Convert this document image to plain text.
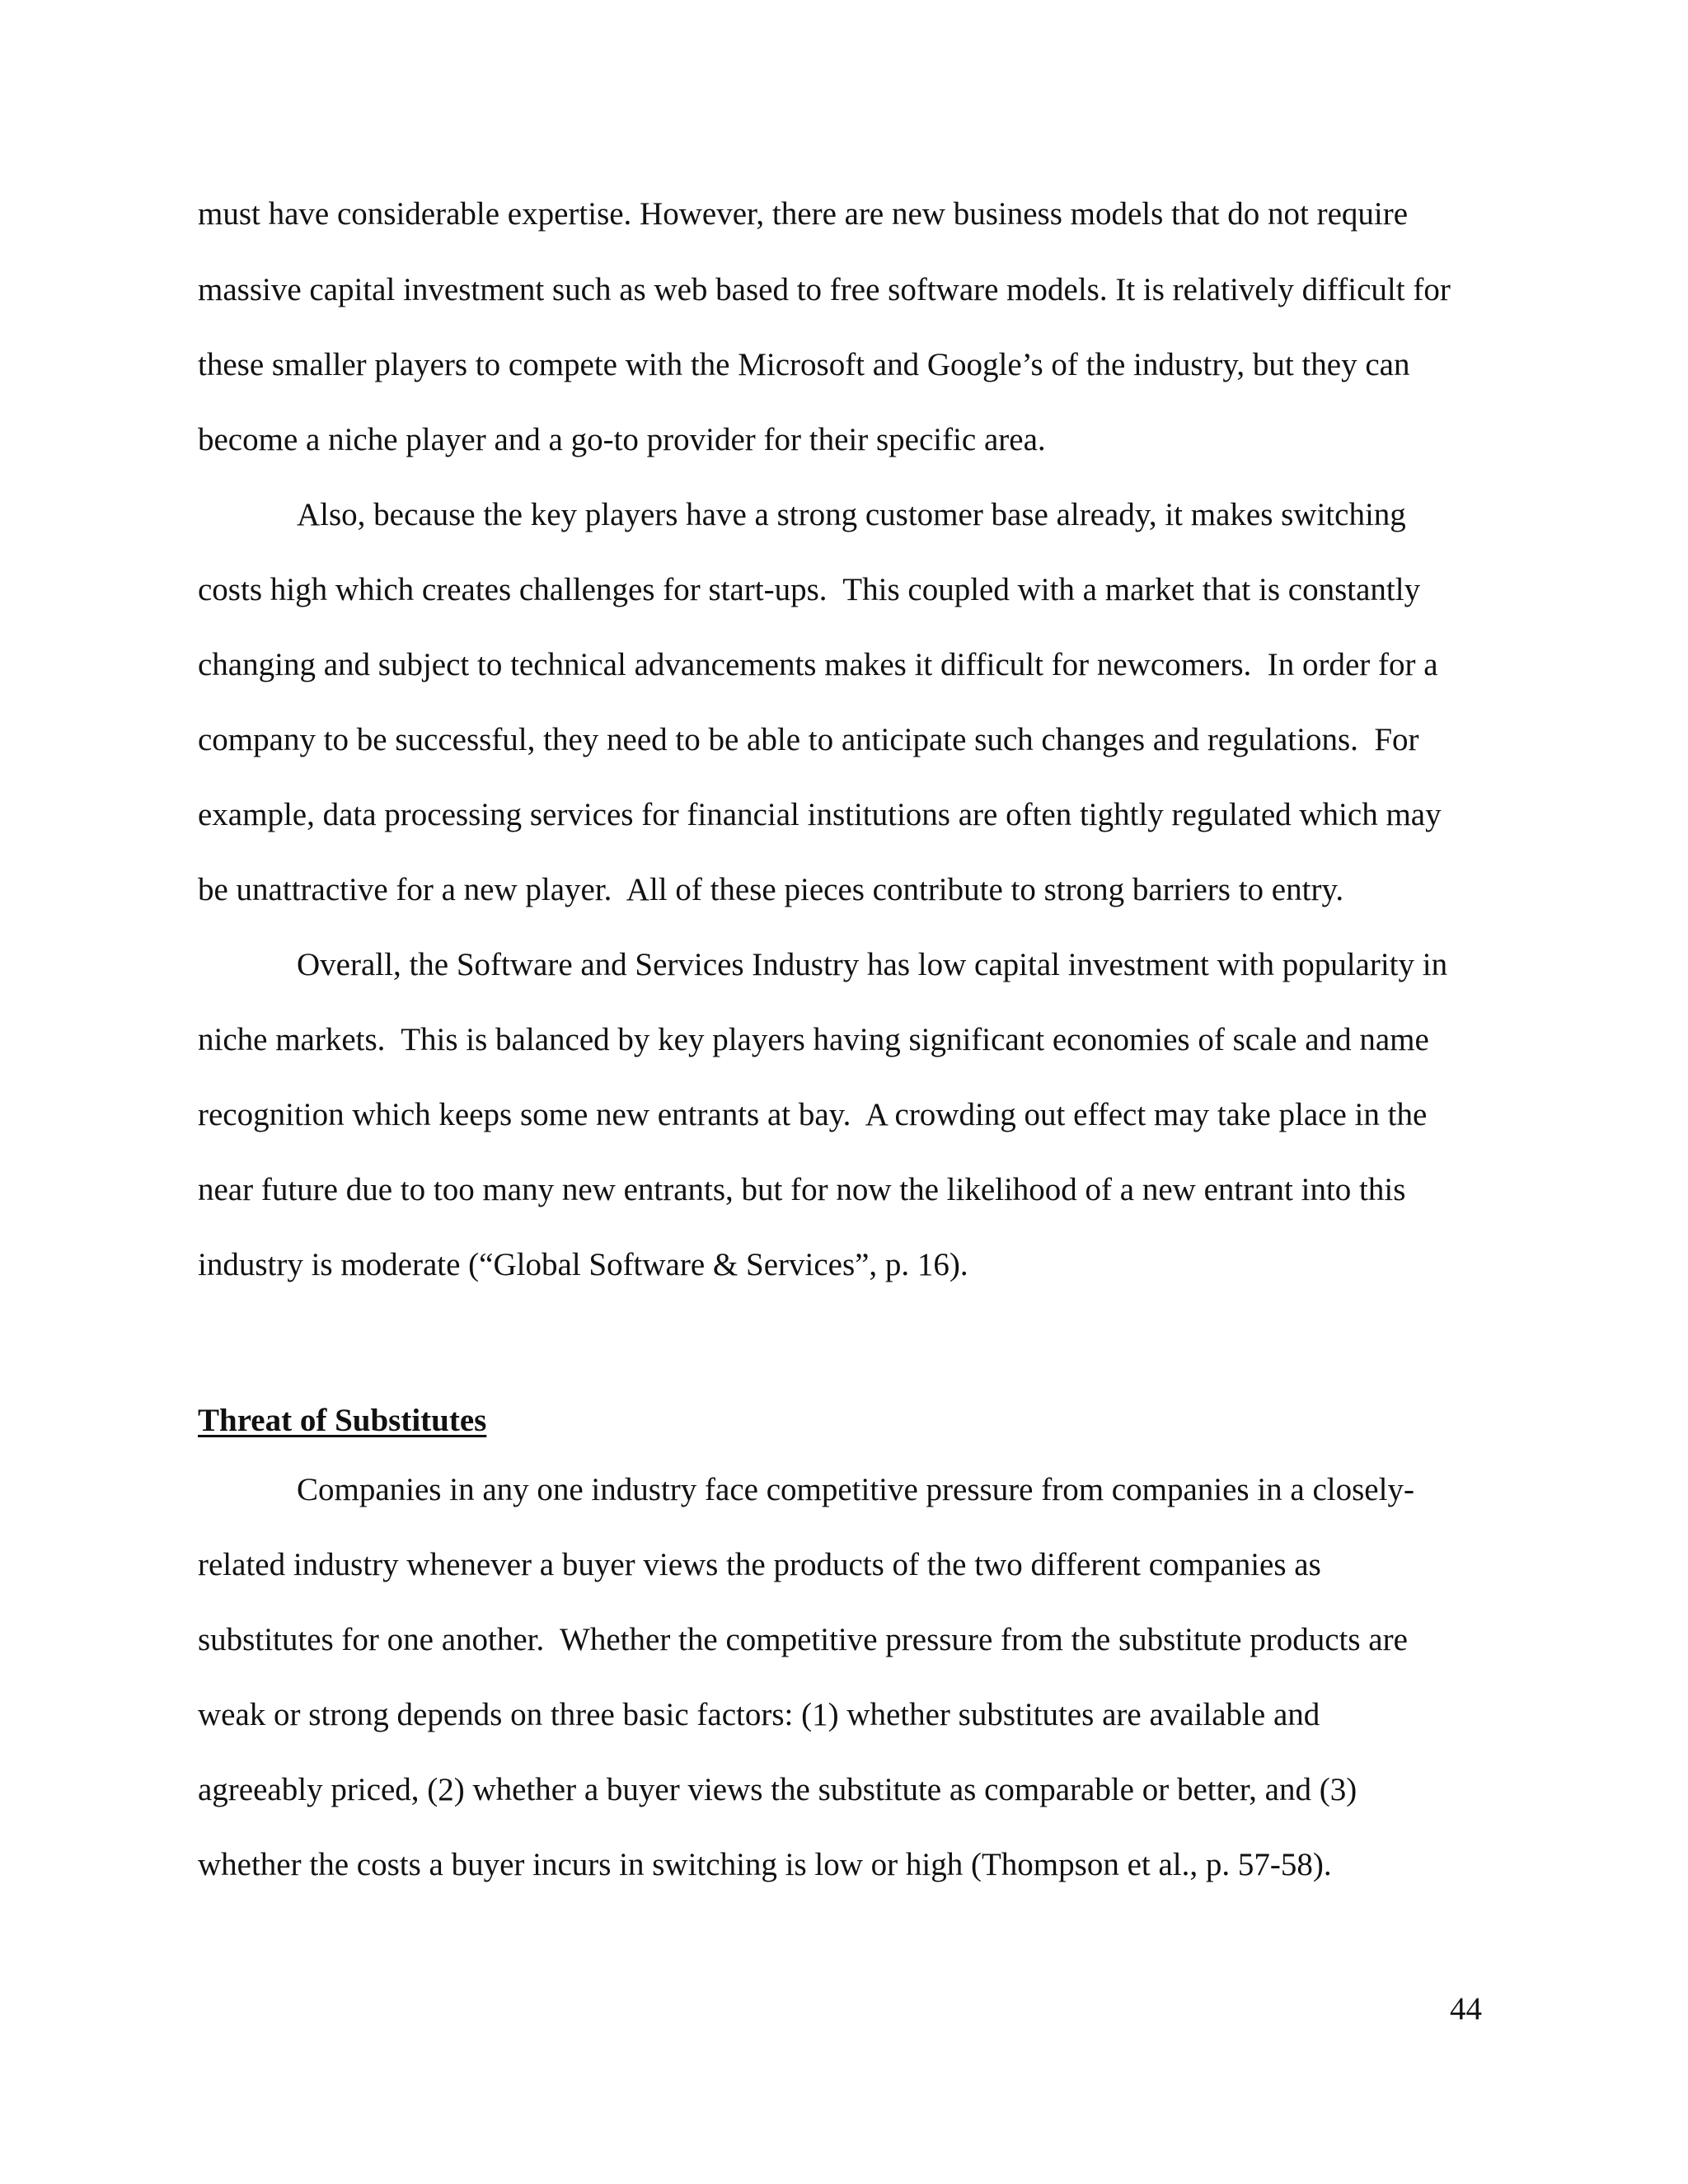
must have considerable expertise. However, there are new business models that do not require

massive capital investment such as web based to free software models. It is relatively difficult for

these smaller players to compete with the Microsoft and Google’s of the industry, but they can

become a niche player and a go-to provider for their specific area.

Also, because the key players have a strong customer base already, it makes switching

costs high which creates challenges for start-ups.  This coupled with a market that is constantly

changing and subject to technical advancements makes it difficult for newcomers.  In order for a

company to be successful, they need to be able to anticipate such changes and regulations.  For

example, data processing services for financial institutions are often tightly regulated which may

be unattractive for a new player.  All of these pieces contribute to strong barriers to entry.

Overall, the Software and Services Industry has low capital investment with popularity in

niche markets.  This is balanced by key players having significant economies of scale and name

recognition which keeps some new entrants at bay.  A crowding out effect may take place in the

near future due to too many new entrants, but for now the likelihood of a new entrant into this

industry is moderate (“Global Software & Services”, p. 16).

Threat of Substitutes

Companies in any one industry face competitive pressure from companies in a closely-

related industry whenever a buyer views the products of the two different companies as

substitutes for one another.  Whether the competitive pressure from the substitute products are

weak or strong depends on three basic factors: (1) whether substitutes are available and

agreeably priced, (2) whether a buyer views the substitute as comparable or better, and (3)

whether the costs a buyer incurs in switching is low or high (Thompson et al., p. 57-58).

44
